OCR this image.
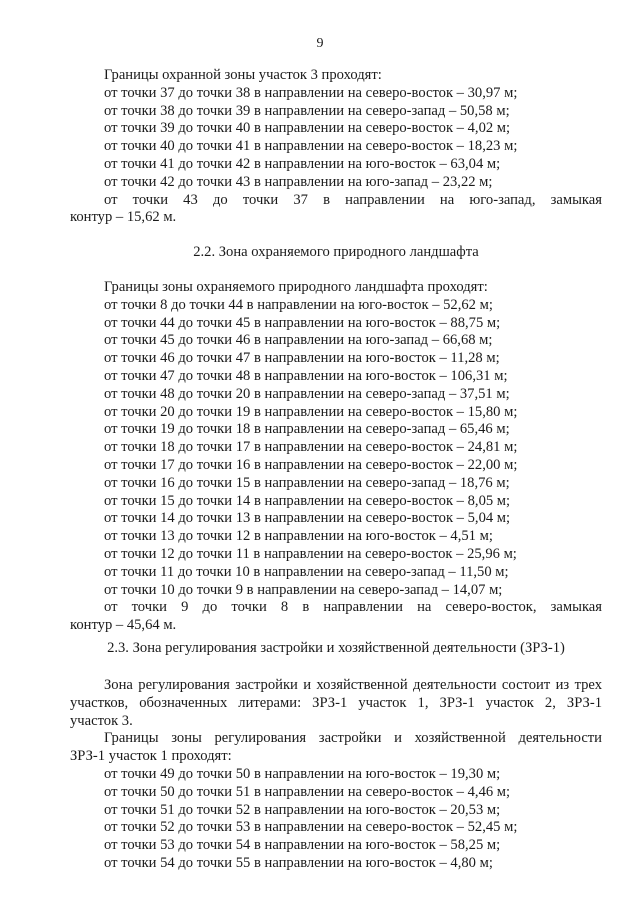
9
Границы охранной зоны участок 3 проходят:
от точки 37 до точки 38 в направлении на северо-восток – 30,97 м;
от точки 38 до точки 39 в направлении на северо-запад – 50,58 м;
от точки 39 до точки 40 в направлении на северо-восток – 4,02 м;
от точки 40 до точки 41 в направлении на северо-восток – 18,23 м;
от точки 41 до точки 42 в направлении на юго-восток – 63,04 м;
от точки 42 до точки 43 в направлении на юго-запад – 23,22 м;
от точки 43 до точки 37 в направлении на юго-запад, замыкая
контур – 15,62 м.
2.2. Зона охраняемого природного ландшафта
Границы зоны охраняемого природного ландшафта проходят:
от точки 8 до точки 44 в направлении на юго-восток – 52,62 м;
от точки 44 до точки 45 в направлении на юго-восток – 88,75 м;
от точки 45 до точки 46 в направлении на юго-запад – 66,68 м;
от точки 46 до точки 47 в направлении на юго-восток – 11,28 м;
от точки 47 до точки 48 в направлении на юго-восток – 106,31 м;
от точки 48 до точки 20 в направлении на северо-запад – 37,51 м;
от точки 20 до точки 19 в направлении на северо-восток – 15,80 м;
от точки 19 до точки 18 в направлении на северо-запад – 65,46 м;
от точки 18 до точки 17 в направлении на северо-восток – 24,81 м;
от точки 17 до точки 16 в направлении на северо-восток – 22,00 м;
от точки 16 до точки 15 в направлении на северо-запад – 18,76 м;
от точки 15 до точки 14 в направлении на северо-восток – 8,05 м;
от точки 14 до точки 13 в направлении на северо-восток – 5,04 м;
от точки 13 до точки 12 в направлении на юго-восток – 4,51 м;
от точки 12 до точки 11 в направлении на северо-восток – 25,96 м;
от точки 11 до точки 10 в направлении на северо-запад – 11,50 м;
от точки 10 до точки 9 в направлении на северо-запад – 14,07 м;
от точки 9 до точки 8 в направлении на северо-восток, замыкая
контур – 45,64 м.
2.3. Зона регулирования застройки и хозяйственной деятельности (ЗРЗ-1)
Зона регулирования застройки и хозяйственной деятельности состоит из трех
участков, обозначенных литерами: ЗРЗ-1 участок 1, ЗРЗ-1 участок 2, ЗРЗ-1
участок 3.
Границы зоны регулирования застройки и хозяйственной деятельности
ЗРЗ-1 участок 1 проходят:
от точки 49 до точки 50 в направлении на юго-восток – 19,30 м;
от точки 50 до точки 51 в направлении на северо-восток – 4,46 м;
от точки 51 до точки 52 в направлении на юго-восток – 20,53 м;
от точки 52 до точки 53 в направлении на северо-восток – 52,45 м;
от точки 53 до точки 54 в направлении на юго-восток – 58,25 м;
от точки 54 до точки 55 в направлении на юго-восток – 4,80 м;
